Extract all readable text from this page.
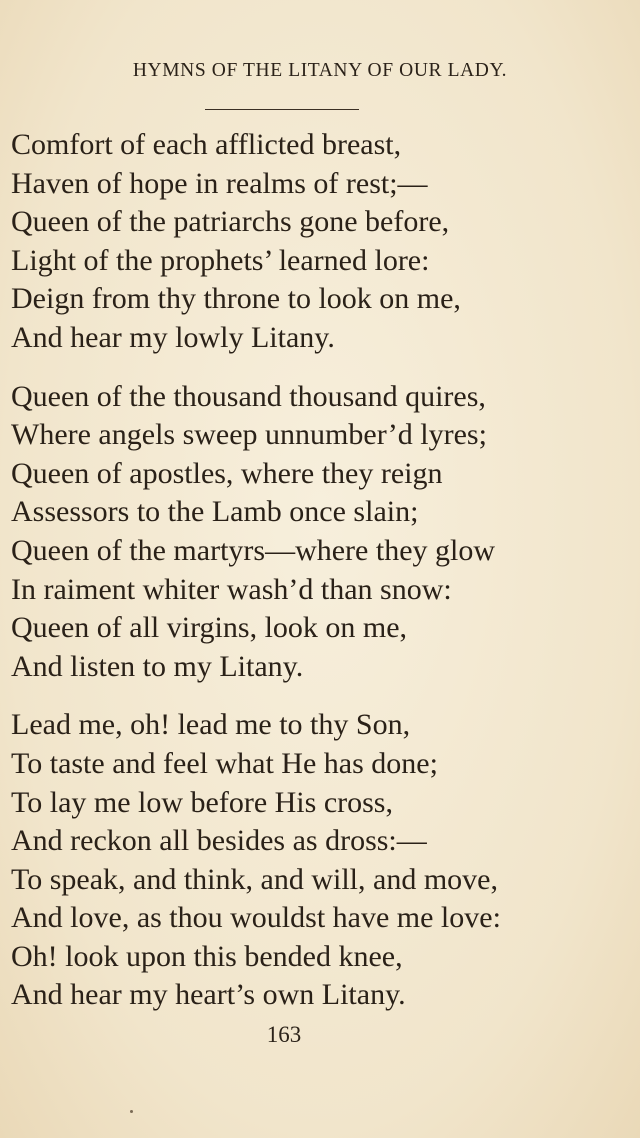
HYMNS OF THE LITANY OF OUR LADY.
Comfort of each afflicted breast,
Haven of hope in realms of rest;—
Queen of the patriarchs gone before,
Light of the prophets’ learned lore:
Deign from thy throne to look on me,
And hear my lowly Litany.
Queen of the thousand thousand quires,
Where angels sweep unnumber’d lyres;
Queen of apostles, where they reign
Assessors to the Lamb once slain;
Queen of the martyrs—where they glow
In raiment whiter wash’d than snow:
Queen of all virgins, look on me,
And listen to my Litany.
Lead me, oh! lead me to thy Son,
To taste and feel what He has done;
To lay me low before His cross,
And reckon all besides as dross:—
To speak, and think, and will, and move,
And love, as thou wouldst have me love:
Oh! look upon this bended knee,
And hear my heart’s own Litany.
163
